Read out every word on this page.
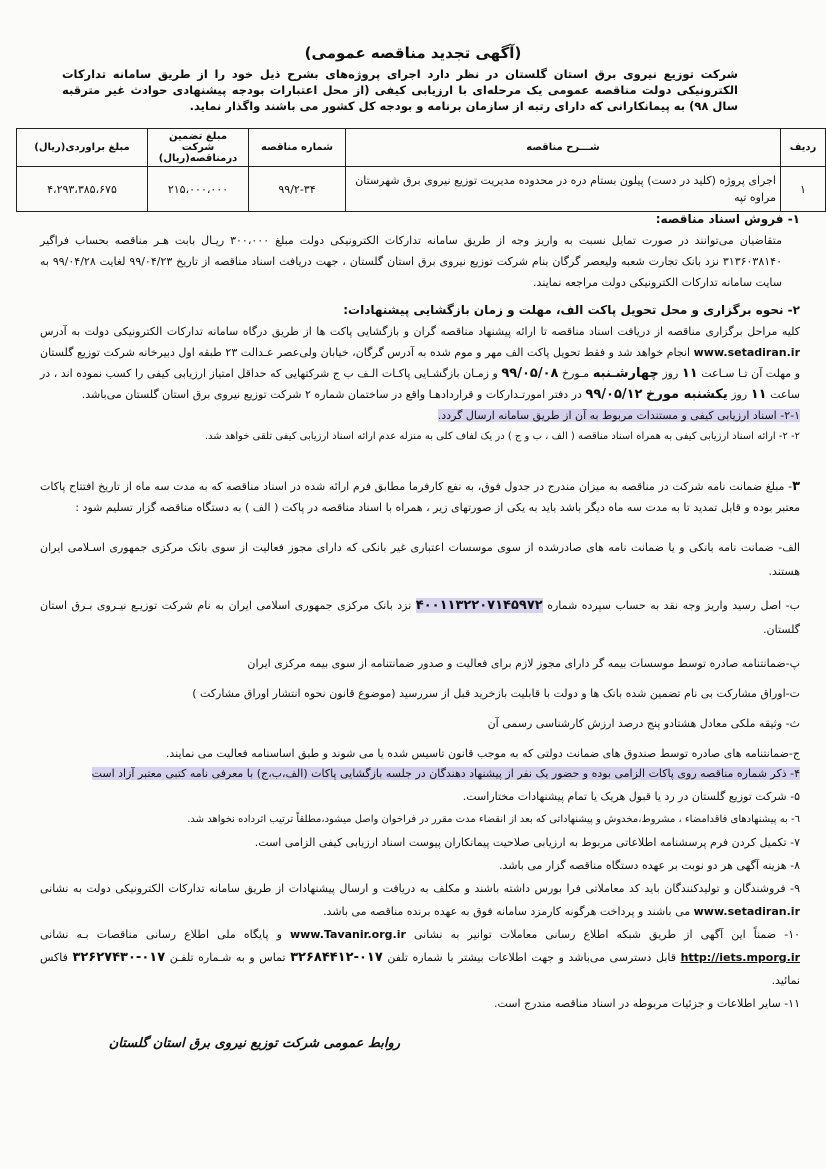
(آگهی تجدید مناقصه عمومی)
شرکت توزیع نیروی برق استان گلستان در نظر دارد اجرای پروژه‌های بشرح ذیل خود را از طریق سامانه تدارکات الکترونیکی دولت مناقصه عمومی یک مرحله‌ای با ارزیابی کیفی (از محل اعتبارات بودجه پیشنهادی حوادث غیر مترقبه سال ۹۸) به پیمانکارانی که دارای رتبه از سازمان برنامه و بودجه کل کشور می باشند واگذار نماید.
ردیف	شـــرح مناقصه	شماره مناقصه	مبلغ تضمین شرکت درمناقصه(ریال)	مبلغ براوردی(ریال)
۱	اجرای پروژه (کلید در دست) پیلون بستام دره در محدوده مدیریت توزیع نیروی برق شهرستان مراوه تپه	۹۹/۲-۳۴	۲۱۵،۰۰۰،۰۰۰	۴،۲۹۳،۳۸۵،۶۷۵
۱- فروش اسناد مناقصه:
متقاضیان می‌توانند در صورت تمایل نسبت به واریز وجه از طریق سامانه تدارکات الکترونیکی دولت مبلغ ۳۰۰،۰۰۰ ریـال بابت هـر مناقصه بحساب فراگیر ۳۱۳۶۰۳۸۱۴۰ نزد بانک تجارت شعبه ولیعصر گرگان بنام شرکت توزیع نیروی برق استان گلستان ، جهت دریافت اسناد مناقصه از تاریخ ۹۹/۰۴/۲۳ لغایت ۹۹/۰۴/۲۸ به سایت سامانه تدارکات الکترونیکی دولت مراجعه نمایند.
۲- نحوه برگزاری و محل تحویل پاکت الف، مهلت و زمان بازگشایی پیشنهادات:
کلیه مراحل برگزاری مناقصه از دریافت اسناد مناقصه تا ارائه پیشنهاد مناقصه گران و بازگشایی پاکت ها از طریق درگاه سامانه تدارکات الکترونیکی دولت به آدرس www.setadiran.ir انجام خواهد شد و فقط تحویل پاکت الف مهر و موم شده به آدرس گرگان، خیابان ولی‌عصر عـدالت ۲۳ طبقه اول دبیرخانه شرکت توزیع گلستان و مهلت آن تـا سـاعت ۱۱ روز چهارشـنبه مـورخ ۹۹/۰۵/۰۸ و زمـان بازگشـایی پاکـات الـف ب ج شرکتهایی که حداقل امتیاز ارزیابی کیفی را کسب نموده اند ، در ساعت ۱۱ روز یکشنبه مورخ ۹۹/۰۵/۱۲ در دفتر امورتـدارکات و قراردادهـا واقع در ساختمان شماره ۲ شرکت توزیع نیروی برق استان گلستان می‌باشد.
۲-۱- اسناد ارزیابی کیفی و مستندات مربوط به آن از طریق سامانه ارسال گردد.
۲- ۲- ارائه اسناد ارزیابی کیفی به همراه اسناد مناقصه ( الف ، ب و ج ) در یک لفاف کلی به منزله عدم ارائه اسناد ارزیابی کیفی تلقی خواهد شد.
۳- مبلغ ضمانت نامه شرکت در مناقصه به میزان مندرج در جدول فوق، به نفع کارفرما مطابق فرم ارائه شده در اسناد مناقصه که به مدت سه ماه از تاریخ افتتاح پاکات معتبر بوده و قابل تمدید تا به مدت سه ماه دیگر باشد باید به یکی از صورتهای زیر ، همراه با اسناد مناقصه در پاکت ( الف ) به دستگاه مناقصه گزار تسلیم شود :
الف- ضمانت نامه بانکی و یا ضمانت نامه های صادرشده از سوی موسسات اعتباری غیر بانکی که دارای مجوز فعالیت از سوی بانک مرکزی جمهوری اسـلامی ایران هستند.
ب- اصل رسید واریز وجه نقد به حساب سپرده شماره ۴۰۰۱۱۳۲۲۰۷۱۴۵۹۷۲ نزد بانک مرکزی جمهوری اسلامی ایران به نام شرکت توزیـع نیـروی بـرق استان گلستان.
پ-ضمانتنامه صادره توسط موسسات بیمه گر دارای مجوز لازم برای فعالیت و صدور ضمانتنامه از سوی بیمه مرکزی ایران
ت-اوراق مشارکت بی نام تضمین شده بانک ها و دولت با قابلیت بازخرید قبل از سررسید (موضوع قانون نحوه انتشار اوراق مشارکت )
ث- وثیقه ملکی معادل هشتادو پنج درصد ارزش کارشناسی رسمی آن
ج-ضمانتنامه های صادره توسط صندوق های ضمانت دولتی که به موجب قانون تاسیس شده یا می شوند و طبق اساسنامه فعالیت می نمایند.
۴- ذکر شماره مناقصه روی پاکات الزامی بوده و حضور یک نفر از پیشنهاد دهندگان در جلسه بازگشایی پاکات (الف،ب،ج) با معرفی نامه کتبی معتبر آزاد است
۵- شرکت توزیع گلستان در رد یا قبول هریک یا تمام پیشنهادات مختاراست.
٦- به پیشنهادهای فاقدامضاء ، مشروط،مخدوش و پیشنهاداتی که بعد از انقضاء مدت مقرر در فراخوان واصل میشود،مطلقاً ترتیب اثرداده نخواهد شد.
۷- تکمیل کردن فرم پرسشنامه اطلاعاتی مربوط به ارزیابی صلاحیت پیمانکاران پیوست اسناد ارزیابی کیفی الزامی است.
۸- هزینه آگهی هر دو نوبت بر عهده دستگاه مناقصه گزار می باشد.
۹- فروشندگان و تولیدکنندگان باید کد معاملاتی فرا بورس داشته باشند و مکلف به دریافت و ارسال پیشنهادات از طریق سامانه تدارکات الکترونیکی دولت به نشانی www.setadiran.ir می باشند و پرداخت هرگونه کارمزد سامانه فوق به عهده برنده مناقصه می باشد.
۱۰- ضمناً این آگهی از طریق شبکه اطلاع رسانی معاملات توانیر به نشانی www.Tavanir.org.ir و پایگاه ملی اطلاع رسانی مناقصات بـه نشانی http://iets.mporg.ir قابل دسترسی می‌باشد و جهت اطلاعات بیشتر با شماره تلفن ۰۱۷-۳۲۶۸۴۴۱۲ تماس و به شـماره تلفـن ۰۱۷-۳۲۶۲۷۴۳۰ فاکس نمائید.
۱۱- سایر اطلاعات و جزئیات مربوطه در اسناد مناقصه مندرج است.
روابط عمومی شرکت توزیع نیروی برق استان گلستان
